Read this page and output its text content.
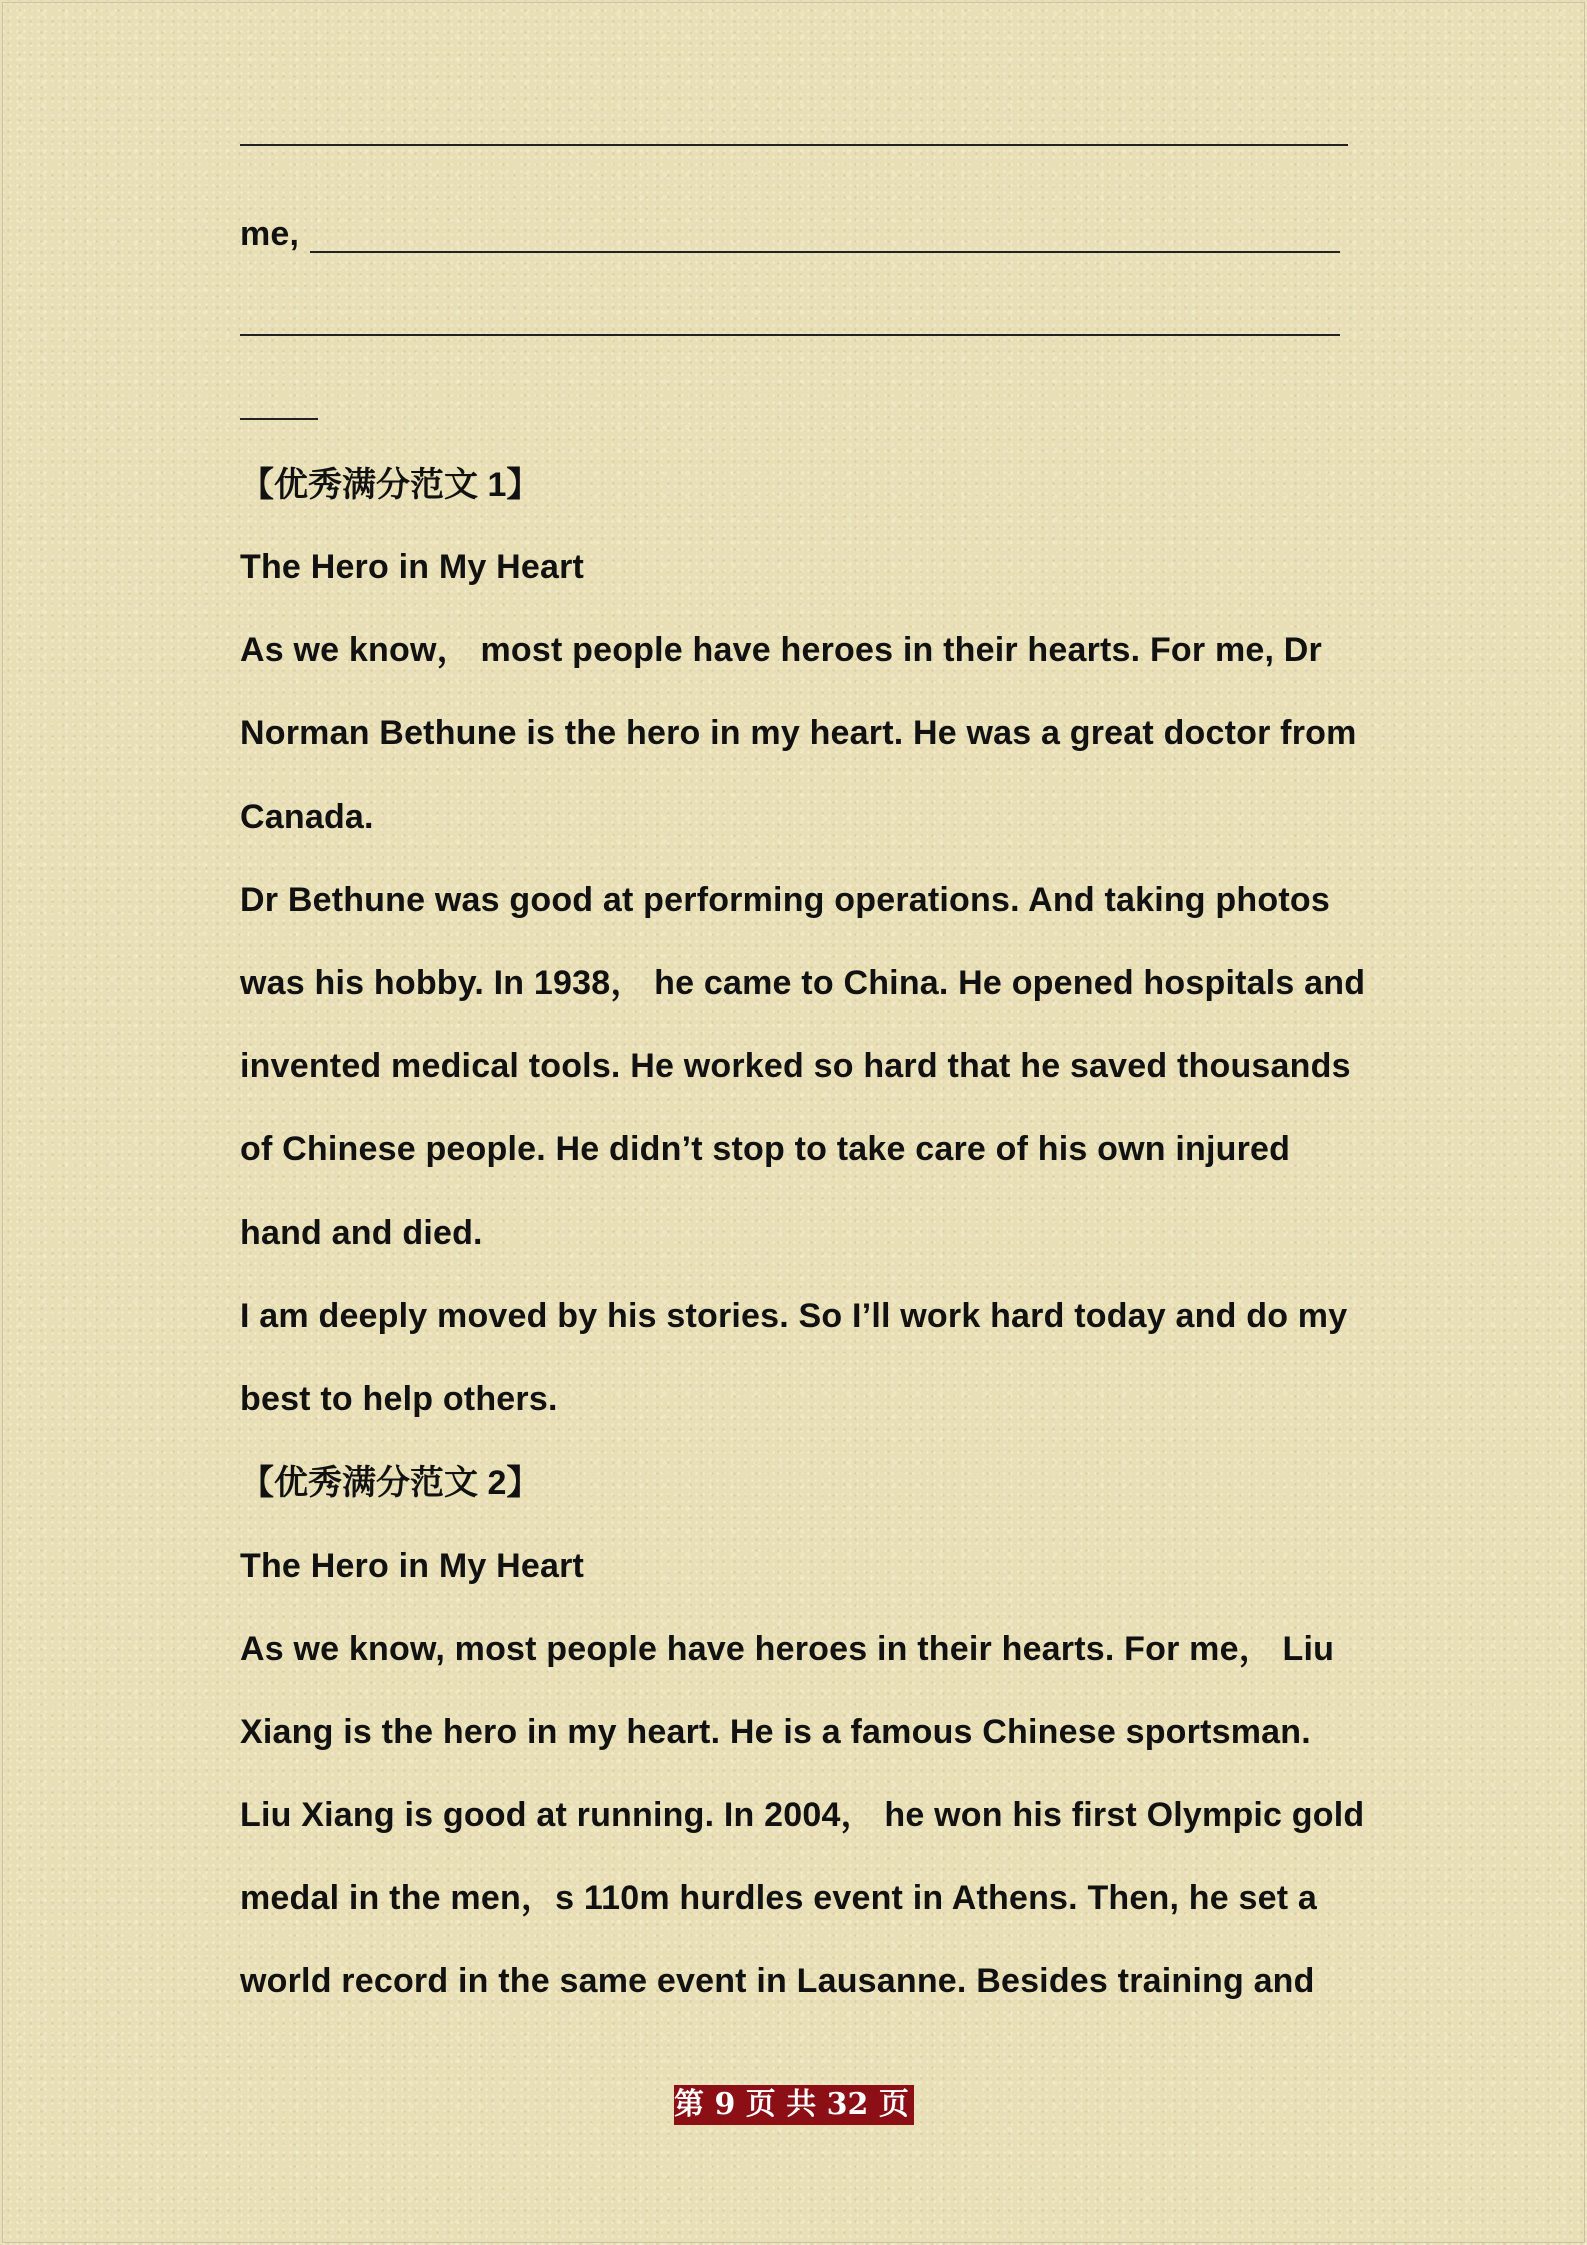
me,
【优秀满分范文 1】
The Hero in My Heart
As we know， most people have heroes in their hearts. For me, Dr
Norman Bethune is the hero in my heart. He was a great doctor from
Canada.
Dr Bethune was good at performing operations. And taking photos
was his hobby. In 1938， he came to China. He opened hospitals and
invented medical tools. He worked so hard that he saved thousands
of Chinese people. He didn’t stop to take care of his own injured
hand and died.
I am deeply moved by his stories. So I’ll work hard today and do my
best to help others.
【优秀满分范文 2】
The Hero in My Heart
As we know, most people have heroes in their hearts. For me， Liu
Xiang is the hero in my heart. He is a famous Chinese sportsman.
Liu Xiang is good at running. In 2004， he won his first Olympic gold
medal in the men，s 110m hurdles event in Athens. Then, he set a
world record in the same event in Lausanne. Besides training and
第 9 页 共 32 页
